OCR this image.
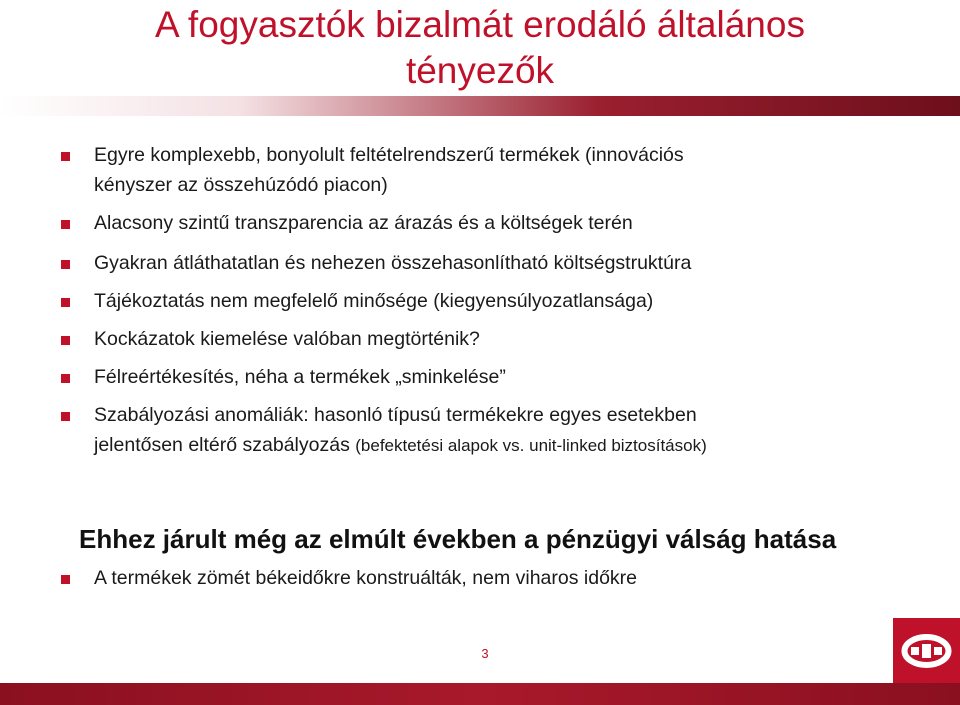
A fogyasztók bizalmát erodáló általános
tényezők
Egyre komplexebb, bonyolult feltételrendszerű termékek (innovációs
kényszer az összehúzódó piacon)
Alacsony szintű transzparencia az árazás és a költségek terén
Gyakran átláthatatlan és nehezen összehasonlítható költségstruktúra
Tájékoztatás nem megfelelő minősége (kiegyensúlyozatlansága)
Kockázatok kiemelése valóban megtörténik?
Félreértékesítés, néha a termékek „sminkelése”
Szabályozási anomáliák: hasonló típusú termékekre egyes esetekben
jelentősen eltérő szabályozás (befektetési alapok vs. unit-linked biztosítások)
Ehhez járult még az elmúlt években a pénzügyi válság hatása
A termékek zömét békeidőkre konstruálták, nem viharos időkre
3
